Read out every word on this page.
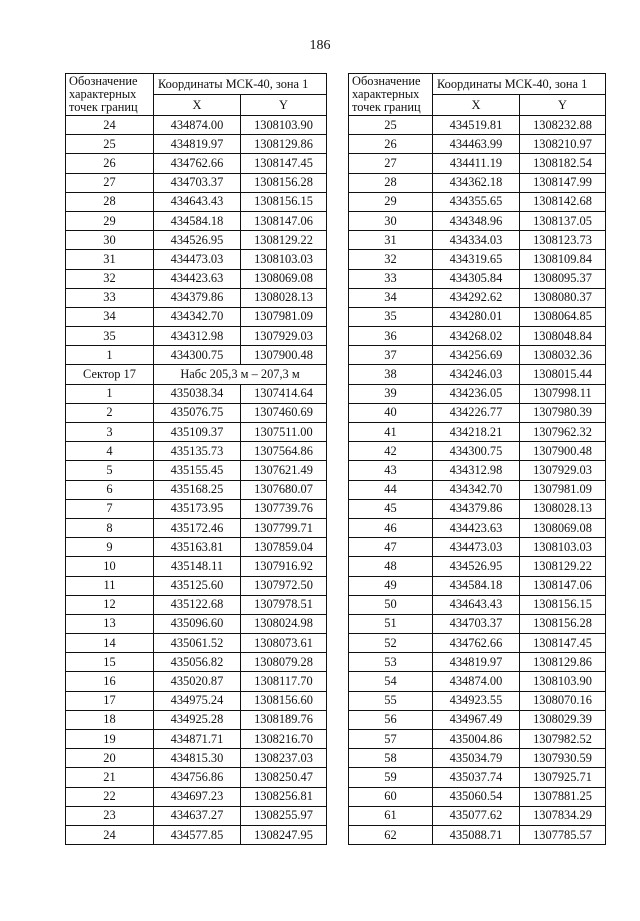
186
Обозначение характерных точек границ	Координаты МСК-40, зона 1	
	X	Y
24	434874.00	1308103.90
25	434819.97	1308129.86
26	434762.66	1308147.45
27	434703.37	1308156.28
28	434643.43	1308156.15
29	434584.18	1308147.06
30	434526.95	1308129.22
31	434473.03	1308103.03
32	434423.63	1308069.08
33	434379.86	1308028.13
34	434342.70	1307981.09
35	434312.98	1307929.03
1	434300.75	1307900.48
Сектор 17	Набс 205,3 м – 207,3 м	
1	435038.34	1307414.64
2	435076.75	1307460.69
3	435109.37	1307511.00
4	435135.73	1307564.86
5	435155.45	1307621.49
6	435168.25	1307680.07
7	435173.95	1307739.76
8	435172.46	1307799.71
9	435163.81	1307859.04
10	435148.11	1307916.92
11	435125.60	1307972.50
12	435122.68	1307978.51
13	435096.60	1308024.98
14	435061.52	1308073.61
15	435056.82	1308079.28
16	435020.87	1308117.70
17	434975.24	1308156.60
18	434925.28	1308189.76
19	434871.71	1308216.70
20	434815.30	1308237.03
21	434756.86	1308250.47
22	434697.23	1308256.81
23	434637.27	1308255.97
24	434577.85	1308247.95
Обозначение характерных точек границ	Координаты МСК-40, зона 1	
	X	Y
25	434519.81	1308232.88
26	434463.99	1308210.97
27	434411.19	1308182.54
28	434362.18	1308147.99
29	434355.65	1308142.68
30	434348.96	1308137.05
31	434334.03	1308123.73
32	434319.65	1308109.84
33	434305.84	1308095.37
34	434292.62	1308080.37
35	434280.01	1308064.85
36	434268.02	1308048.84
37	434256.69	1308032.36
38	434246.03	1308015.44
39	434236.05	1307998.11
40	434226.77	1307980.39
41	434218.21	1307962.32
42	434300.75	1307900.48
43	434312.98	1307929.03
44	434342.70	1307981.09
45	434379.86	1308028.13
46	434423.63	1308069.08
47	434473.03	1308103.03
48	434526.95	1308129.22
49	434584.18	1308147.06
50	434643.43	1308156.15
51	434703.37	1308156.28
52	434762.66	1308147.45
53	434819.97	1308129.86
54	434874.00	1308103.90
55	434923.55	1308070.16
56	434967.49	1308029.39
57	435004.86	1307982.52
58	435034.79	1307930.59
59	435037.74	1307925.71
60	435060.54	1307881.25
61	435077.62	1307834.29
62	435088.71	1307785.57
